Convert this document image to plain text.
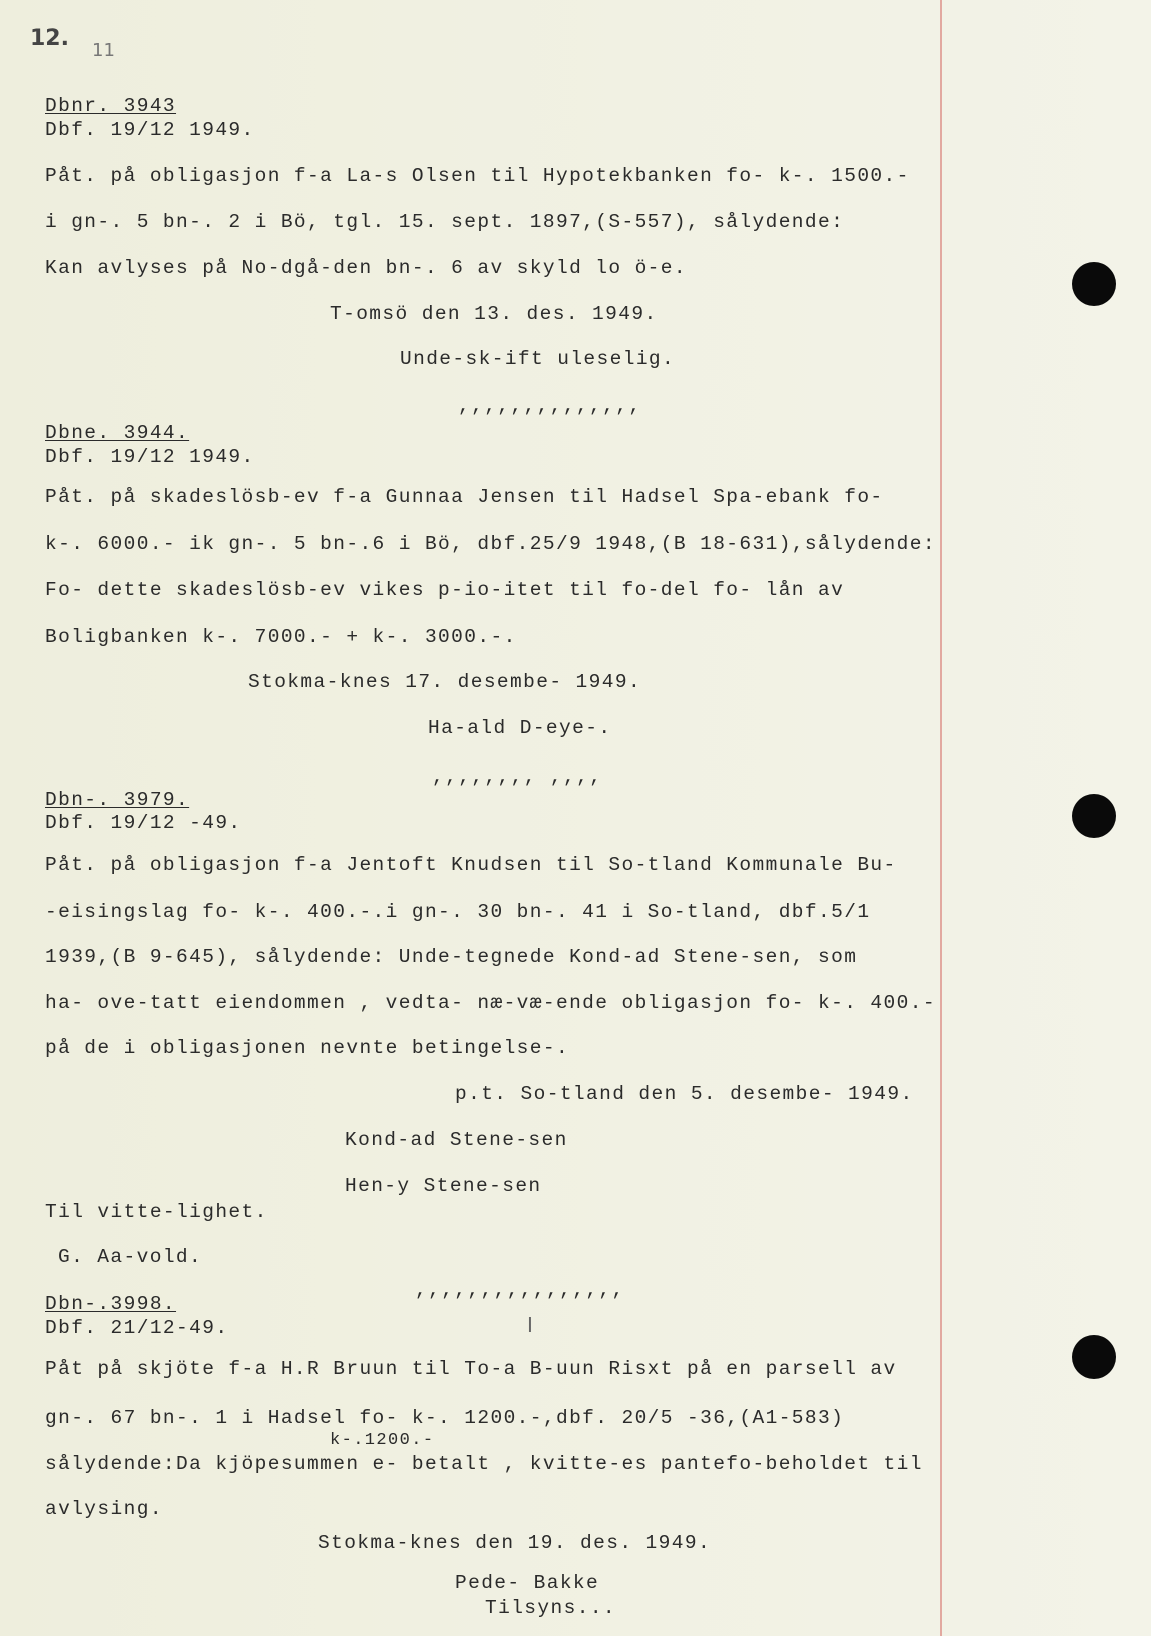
12. 11
Dbnr. 3943
Dbf. 19/12 1949.
Påt. på obligasjon f-a La-s Olsen til Hypotekbanken fo- k-. 1500.-
i gn-. 5 bn-. 2 i Bö, tgl. 15. sept. 1897,(S-557), sålydende:
Kan avlyses på No-dgå-den bn-. 6 av skyld lo ö-e.
T-omsö den 13. des. 1949.
Unde-sk-ift uleselig.
,,,,,,,,,,,,,,
Dbne. 3944.
Dbf. 19/12 1949.
Påt. på skadeslösb-ev f-a Gunnaa Jensen til Hadsel Spa-ebank fo-
k-. 6000.- ik gn-. 5 bn-.6 i Bö, dbf.25/9 1948,(B 18-631),sålydende:
Fo- dette skadeslösb-ev vikes p-io-itet til fo-del fo- lån av
Boligbanken k-. 7000.- + k-. 3000.-.
Stokma-knes 17. desembe- 1949.
Ha-ald D-eye-.
,,,,,,,, ,,,,
Dbn-. 3979.
Dbf. 19/12 -49.
Påt. på obligasjon f-a Jentoft Knudsen til So-tland Kommunale Bu-
-eisingslag fo- k-. 400.-.i gn-. 30 bn-. 41 i So-tland, dbf.5/1
1939,(B 9-645), sålydende: Unde-tegnede Kond-ad Stene-sen, som
ha- ove-tatt eiendommen , vedta- næ-væ-ende obligasjon fo- k-. 400.-
på de i obligasjonen nevnte betingelse-.
p.t. So-tland den 5. desembe- 1949.
Kond-ad Stene-sen
Hen-y Stene-sen
Til vitte-lighet.
G. Aa-vold.
,,,,,,,,,,,,,,,,
Dbn-.3998.
Dbf. 21/12-49.	I
Påt på skjöte f-a H.R Bruun til To-a B-uun Risxt på en parsell av
gn-. 67 bn-. 1 i Hadsel fo- k-. 1200.-,dbf. 20/5 -36,(A1-583)
k-.1200.-
sålydende:Da kjöpesummen e- betalt , kvitte-es pantefo-beholdet til
avlysing.
Stokma-knes den 19. des. 1949.
Pede- Bakke
Tilsyns...
